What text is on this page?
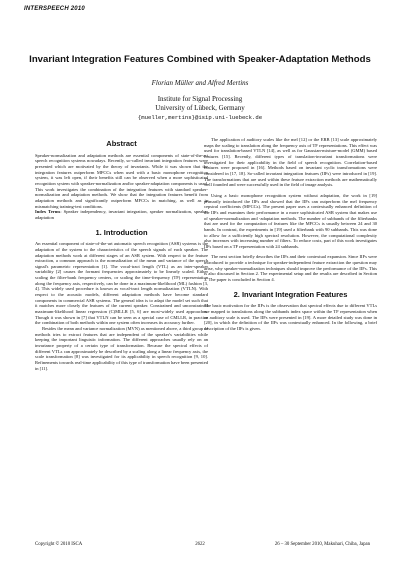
INTERSPEECH 2010
Invariant Integration Features Combined with Speaker-Adaptation Methods
Florian Müller and Alfred Mertins
Institute for Signal Processing
University of Lübeck, Germany
{mueller,mertins}@isip.uni-luebeck.de
Abstract

Speaker-normalization and adaptation methods are essential components of state-of-the-art speech recognition systems nowadays. Recently, so-called invariant integration features were presented which are motivated by the theory of invariants. While it was shown that the integration features outperform MFCCs when used with a basic monophone recognition system, it was left open, if their benefits still can be observed when a more sophisticated recognition system with speaker-normalization and/or speaker-adaptation components is used. This work investigates the combination of the integration features with standard speaker-normalization and adaptation methods. We show that the integration features benefit from adaptation methods and significantly outperform MFCCs in matching, as well as in mismatching training-test conditions.

Index Terms: Speaker independency, invariant integration, speaker normalization, speaker adaptation

1. Introduction

An essential component of state-of-the-art automatic speech recognition (ASR) systems is the adaptation of the system to the characteristics of the speech signals of each speaker. The adaptation methods work at different stages of an ASR system. With respect to the feature extraction, a common approach is the normalization of the mean and variance of the speech signal's parametric representation [1]. The vocal-tract length (VTL) as an inter-speaker variability [2] causes the formant frequencies approximately to be linearly scaled. Either scaling the filter-bank frequency centers, or scaling the time-frequency (TF) representation along the frequency axis, respectively, can be done in a maximum-likelihood (ML) fashion [3, 4]. This widely used procedure is known as vocal-tract length normalization (VTLN). With respect to the acoustic models, different adaptation methods have become standard components in commercial ASR systems. The general idea is to adapt the model set such that it matches more closely the features of the current speaker. Constrained and unconstrained maximum-likelihood linear regression (C)MLLR [5, 6] are most-widely used approaches. Though it was shown in [7] that VTLN can be seen as a special case of CMLLR, in practice the combination of both methods within one system often increases its accuracy further.

Besides the mean and variance normalization (MVN) as mentioned above, a third group of methods tries to extract features that are independent of the speaker's variabilities while keeping the important linguistic information. The different approaches usually rely on an invariance property of a certain type of transformation. Because the spectral effects of different VTLs can approximately be described by a scaling along a linear frequency axis, the scale transformation [8] was investigated for its applicability in speech recognition [9, 10]. Refinements towards real-time applicability of this type of transformation have been presented in [11].

The application of auditory scales like the mel [12] or the ERB [13] scale approximately maps the scaling to translation along the frequency axis of TF representations. This effect was used for translation-based VTLN [14], as well as for Gaussian-mixture-model (GMM) based features [15]. Recently, different types of translation-invariant transformations were investigated for their applicability in the field of speech recognition. Correlation-based features were proposed in [16]. Methods based on invariant cyclic transformations were considered in [17, 18]. So-called invariant integration features (IIFs) were introduced in [19]. The transformations that are used within these feature extraction methods are mathematically well founded and were successfully used in the field of image analysis.

Using a basic monophone recognition system without adaptation, the work in [19] primarily introduced the IIFs and showed that the IIFs can outperform the mel frequency cepstral coefficients (MFCCs). The present paper uses a contextually enhanced definition of the IIFs and examines their performance in a more sophisticated ASR system that makes use of speaker-normalization and -adaptation methods. The number of subbands of the filterbanks that are used for the computation of features like the MFCCs is usually between 24 and 30 bands. In contrast, the experiments in [19] used a filterbank with 90 subbands. This was done to allow for a sufficiently high spectral resolution. However, the computational complexity also increases with increasing number of filters. To reduce costs, part of this work investigates IIFs based on a TF representation with 24 subbands.

The next section briefly describes the IIFs and their contextual expansion. Since IIFs were introduced to provide a technique for speaker-independent feature extraction the question may arise, why speaker-normalization techniques should improve the performance of the IIFs. This is also discussed in Section 2. The experimental setup and the results are described in Section 3. The paper is concluded in Section 4.

2. Invariant Integration Features

The basic motivation for the IIFs is the observation that spectral effects due to different VTLs are mapped to translations along the subbands index space within the TF representation when an auditory scale is used. The IIFs were presented in [19]. A more detailed study was done in [20], in which the definition of the IIFs was contextually enhanced. In the following, a brief description of the IIFs is given.

Copyright © 2010 ISCA	2622	26 – 30 September 2010, Makuhari, Chiba, Japan
